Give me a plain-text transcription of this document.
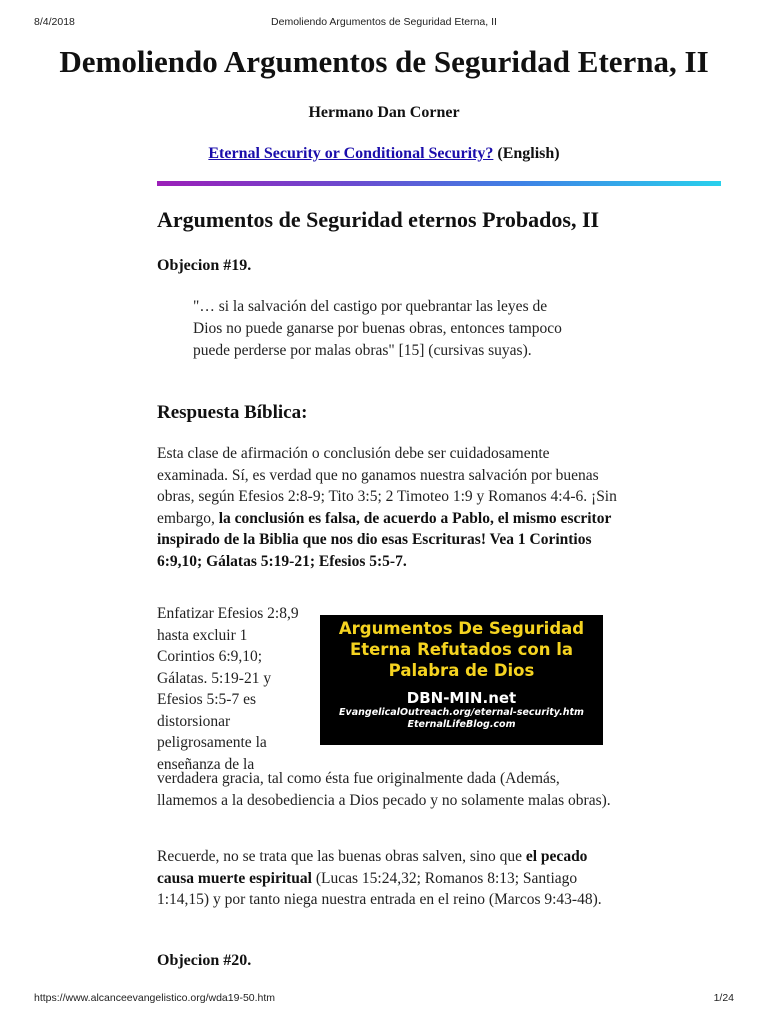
8/4/2018	Demoliendo Argumentos de Seguridad Eterna, II
Demoliendo Argumentos de Seguridad Eterna, II
Hermano Dan Corner
Eternal Security or Conditional Security? (English)
Argumentos de Seguridad eternos Probados, II
Objecion #19.
"… si la salvación del castigo por quebrantar las leyes de Dios no puede ganarse por buenas obras, entonces tampoco puede perderse por malas obras" [15] (cursivas suyas).
Respuesta Bíblica:
Esta clase de afirmación o conclusión debe ser cuidadosamente examinada. Sí, es verdad que no ganamos nuestra salvación por buenas obras, según Efesios 2:8-9; Tito 3:5; 2 Timoteo 1:9 y Romanos 4:4-6. ¡Sin embargo, la conclusión es falsa, de acuerdo a Pablo, el mismo escritor inspirado de la Biblia que nos dio esas Escrituras! Vea 1 Corintios 6:9,10; Gálatas 5:19-21; Efesios 5:5-7.
Enfatizar Efesios 2:8,9
hasta excluir 1
Corintios 6:9,10;
Gálatas. 5:19-21 y
Efesios 5:5-7 es
distorsionar
peligrosamente la
enseñanza de la
Argumentos De Seguridad
Eterna Refutados con la
Palabra de Dios
DBN-MIN.net
EvangelicalOutreach.org/eternal-security.htm
EternalLifeBlog.com
verdadera gracia, tal como ésta fue originalmente dada (Además, llamemos a la desobediencia a Dios pecado y no solamente malas obras).
Recuerde, no se trata que las buenas obras salven, sino que el pecado causa muerte espiritual (Lucas 15:24,32; Romanos 8:13; Santiago 1:14,15) y por tanto niega nuestra entrada en el reino (Marcos 9:43-48).
Objecion #20.
https://www.alcanceevangelistico.org/wda19-50.htm	1/24
